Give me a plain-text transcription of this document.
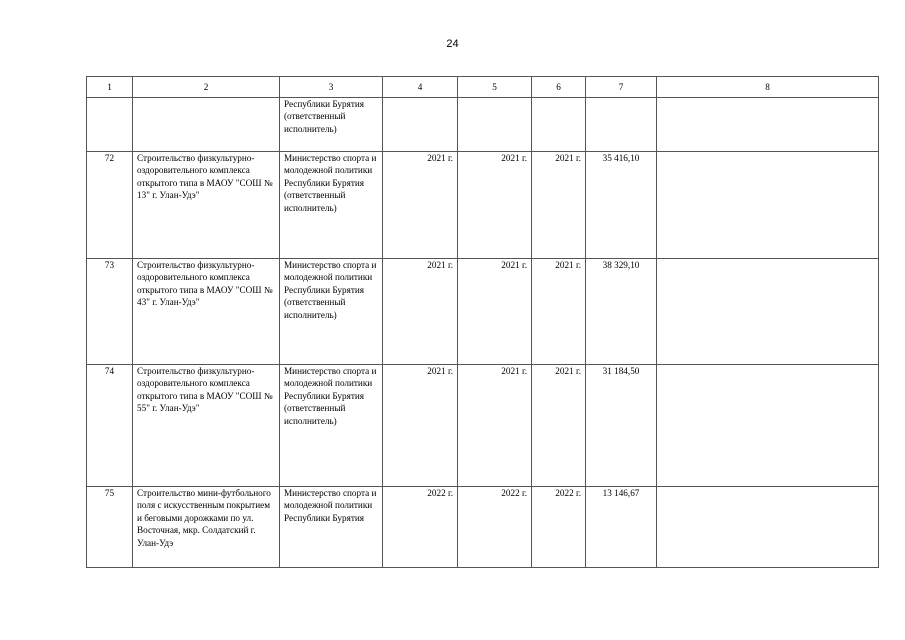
24
1	2	3	4	5	6	7	8
		Республики Бурятия (ответственный исполнитель)					
72	Строительство физкультурно-оздоровительного комплекса открытого типа в МАОУ "СОШ № 13" г. Улан-Удэ"	Министерство спорта и молодежной политики Республики Бурятия (ответственный исполнитель)	2021 г.	2021 г.	2021 г.	35 416,10	
73	Строительство физкультурно-оздоровительного комплекса открытого типа в МАОУ "СОШ № 43" г. Улан-Удэ"	Министерство спорта и молодежной политики Республики Бурятия (ответственный исполнитель)	2021 г.	2021 г.	2021 г.	38 329,10	
74	Строительство физкультурно-оздоровительного комплекса открытого типа в МАОУ "СОШ № 55" г. Улан-Удэ"	Министерство спорта и молодежной политики Республики Бурятия (ответственный исполнитель)	2021 г.	2021 г.	2021 г.	31 184,50	
75	Строительство мини-футбольного поля с искусственным покрытием и беговыми дорожками по ул. Восточная, мкр. Солдатский г. Улан-Удэ	Министерство спорта и молодежной политики Республики Бурятия	2022 г.	2022 г.	2022 г.	13 146,67	
